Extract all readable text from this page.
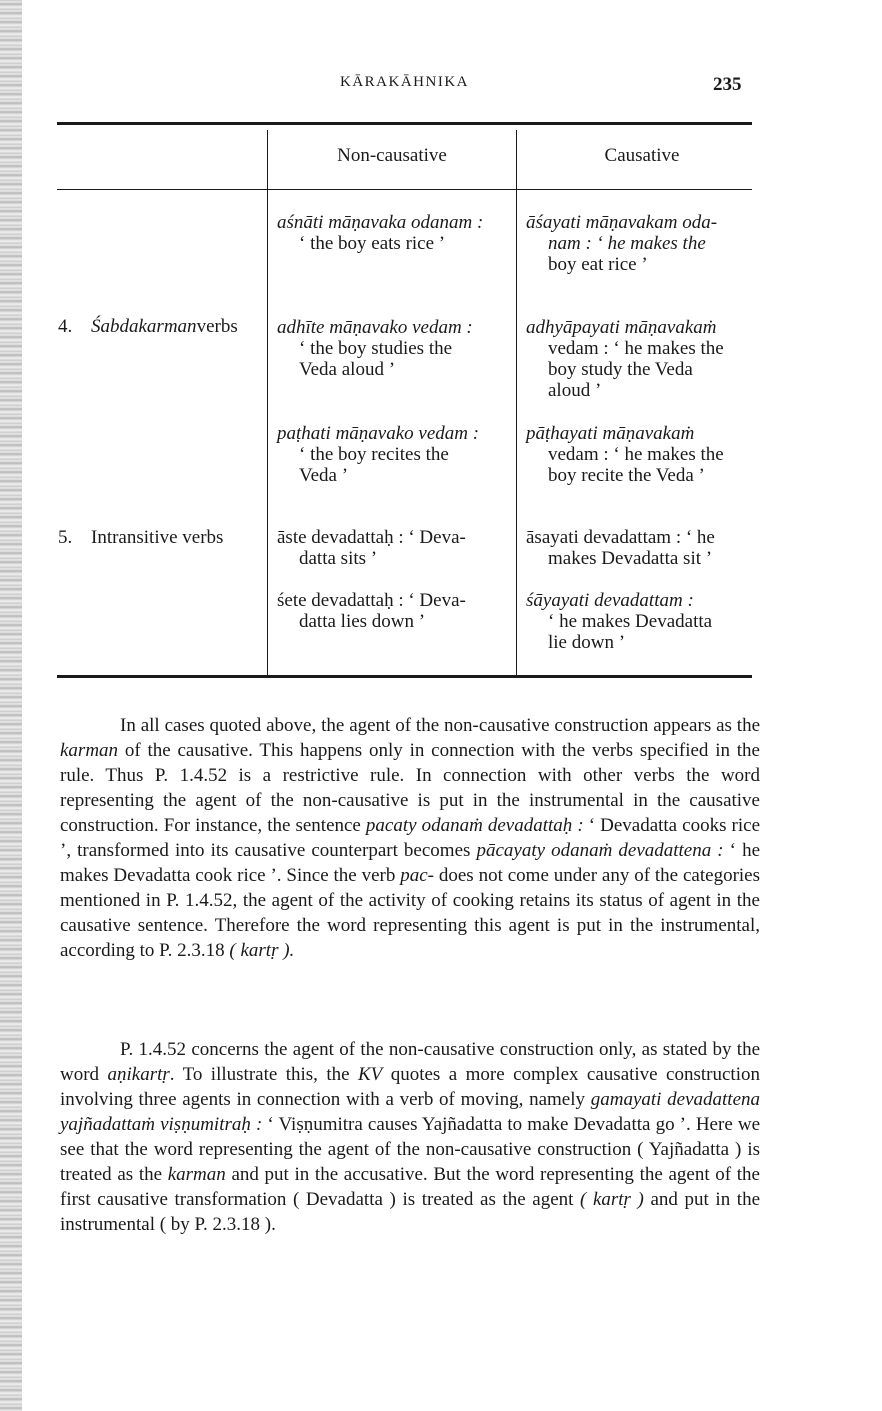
KĀRAKĀHNIKA	235
Non-causative	Causative
4. Śabdakarmanverbs
5. Intransitive verbs
aśnāti māṇavaka odanam :
‘ the boy eats rice ’
āśayati māṇavakam oda-
nam : ‘ he makes the
boy eat rice ’
adhīte māṇavako vedam :
‘ the boy studies the
Veda aloud ’
adhyāpayati māṇavakaṁ
vedam : ‘ he makes the
boy study the Veda
aloud ’
paṭhati māṇavako vedam :
‘ the boy recites the
Veda ’
pāṭhayati māṇavakaṁ
vedam : ‘ he makes the
boy recite the Veda ’
āste devadattaḥ : ‘ Deva-
datta sits ’
āsayati devadattam : ‘ he
makes Devadatta sit ’
śete devadattaḥ : ‘ Deva-
datta lies down ’
śāyayati devadattam :
‘ he makes Devadatta
lie down ’

In all cases quoted above, the agent of the non-causative construction appears as the karman of the causative. This happens only in connection with the verbs specified in the rule. Thus P. 1.4.52 is a restrictive rule. In connection with other verbs the word representing the agent of the non-causative is put in the instrumental in the causative construction. For instance, the sentence pacaty odanaṁ devadattaḥ : ‘ Devadatta cooks rice ’, transformed into its causative counterpart becomes pācayaty odanaṁ devadattena : ‘ he makes Devadatta cook rice ’. Since the verb pac- does not come under any of the categories mentioned in P. 1.4.52, the agent of the activity of cooking retains its status of agent in the causative sentence. Therefore the word representing this agent is put in the instrumental, according to P. 2.3.18 ( kartṛ ).

P. 1.4.52 concerns the agent of the non-causative construction only, as stated by the word aṇikartṛ. To illustrate this, the KV quotes a more complex causative construction involving three agents in connection with a verb of moving, namely gamayati devadattena yajñadattaṁ viṣṇumitraḥ : ‘ Viṣṇumitra causes Yajñadatta to make Devadatta go ’. Here we see that the word representing the agent of the non-causative construction ( Yajñadatta ) is treated as the karman and put in the accusative. But the word representing the agent of the first causative transformation ( Devadatta ) is treated as the agent ( kartṛ ) and put in the instrumental ( by P. 2.3.18 ).
